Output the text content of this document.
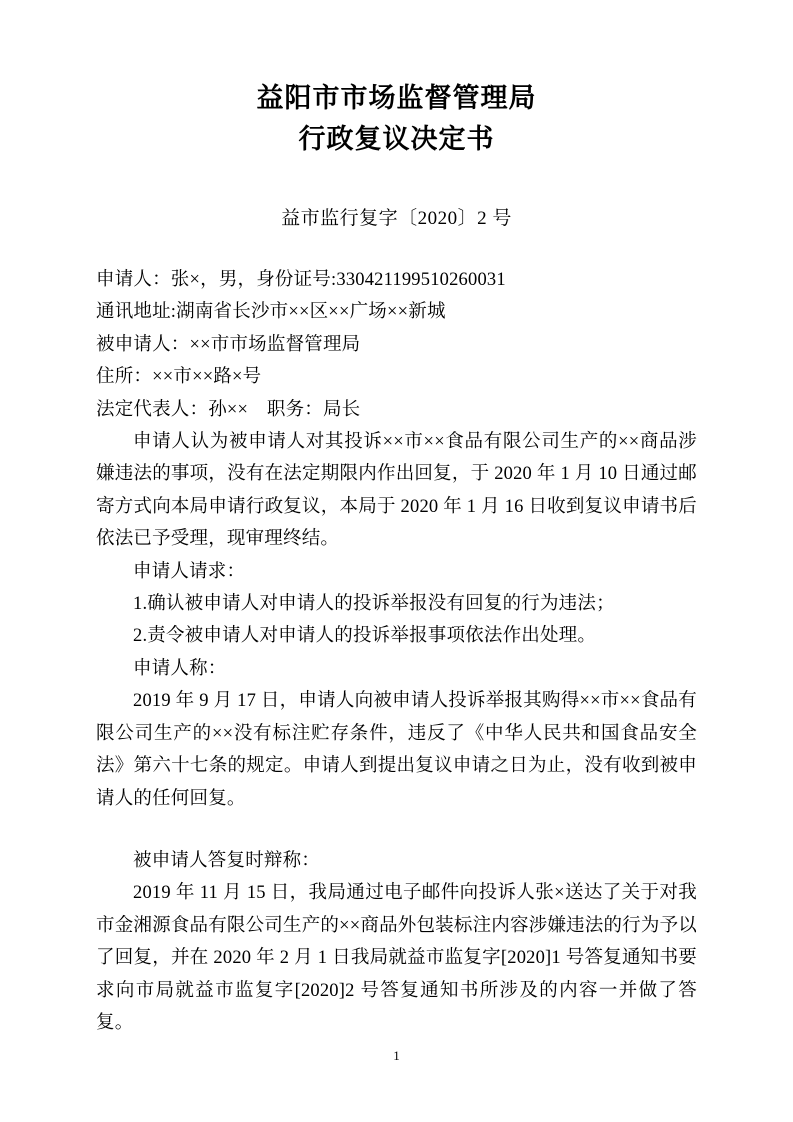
益阳市市场监督管理局
行政复议决定书
益市监行复字〔2020〕2 号

申请人：张×，男，身份证号:330421199510260031

通讯地址:湖南省长沙市××区××广场××新城

被申请人：××市市场监督管理局

住所：××市××路×号

法定代表人：孙××　职务：局长

申请人认为被申请人对其投诉××市××食品有限公司生产的××商品涉嫌违法的事项，没有在法定期限内作出回复，于 2020 年 1 月 10 日通过邮寄方式向本局申请行政复议，本局于 2020 年 1 月 16 日收到复议申请书后依法已予受理，现审理终结。

申请人请求：

1.确认被申请人对申请人的投诉举报没有回复的行为违法；

2.责令被申请人对申请人的投诉举报事项依法作出处理。

申请人称：

2019 年 9 月 17 日，申请人向被申请人投诉举报其购得××市××食品有限公司生产的××没有标注贮存条件，违反了《中华人民共和国食品安全法》第六十七条的规定。申请人到提出复议申请之日为止，没有收到被申请人的任何回复。

被申请人答复时辩称：

2019 年 11 月 15 日，我局通过电子邮件向投诉人张×送达了关于对我市金湘源食品有限公司生产的××商品外包装标注内容涉嫌违法的行为予以了回复，并在 2020 年 2 月 1 日我局就益市监复字[2020]1 号答复通知书要求向市局就益市监复字[2020]2 号答复通知书所涉及的内容一并做了答复。

1
